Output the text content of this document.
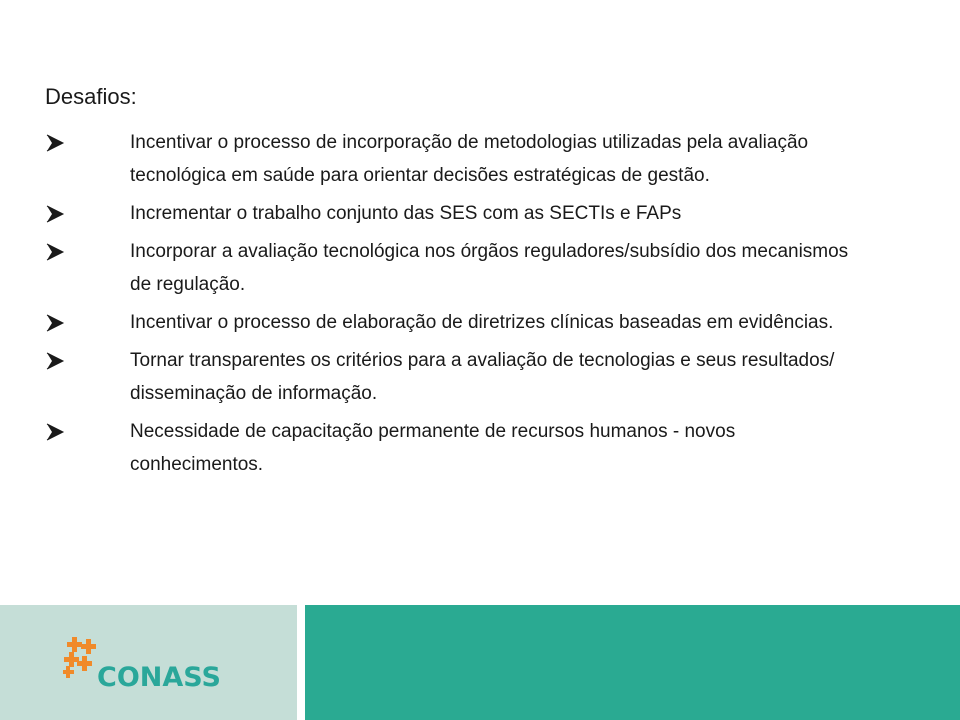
Desafios:
Incentivar o processo de incorporação de metodologias utilizadas pela avaliação tecnológica em saúde para orientar decisões estratégicas de gestão.
Incrementar o trabalho conjunto das SES com as SECTIs e FAPs
Incorporar a avaliação tecnológica nos órgãos reguladores/subsídio dos mecanismos de regulação.
Incentivar o processo de elaboração de diretrizes clínicas baseadas em evidências.
Tornar transparentes os critérios para a avaliação de tecnologias e seus resultados/ disseminação de informação.
Necessidade de capacitação permanente de recursos humanos - novos conhecimentos.
CONASS
